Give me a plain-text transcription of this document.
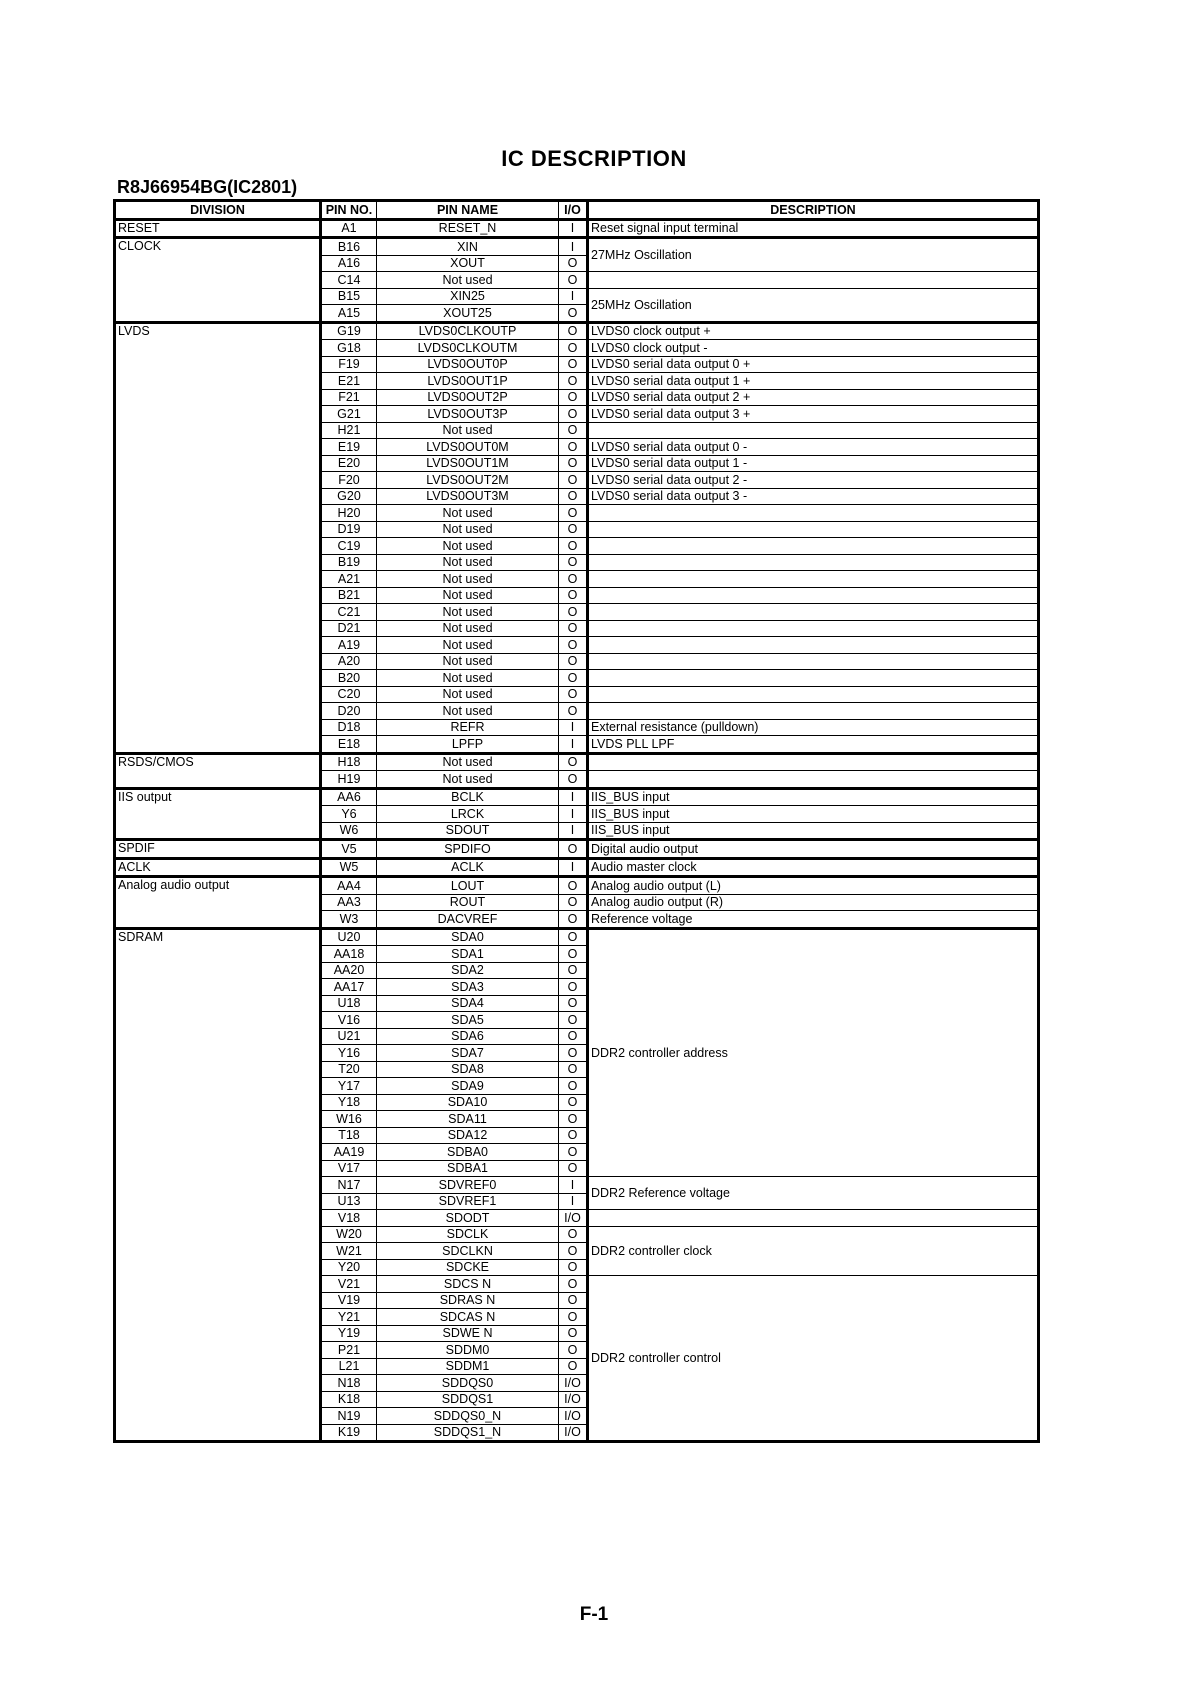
IC DESCRIPTION
R8J66954BG(IC2801)
DIVISION	PIN NO.	PIN NAME	I/O	DESCRIPTION
RESET	A1	RESET_N	I	Reset signal input terminal
CLOCK	B16	XIN	I	27MHz Oscillation
	A16	XOUT	O	
	C14	Not used	O	
	B15	XIN25	I	25MHz Oscillation
	A15	XOUT25	O	
LVDS	G19	LVDS0CLKOUTP	O	LVDS0 clock output +
	G18	LVDS0CLKOUTM	O	LVDS0 clock output -
	F19	LVDS0OUT0P	O	LVDS0 serial data output 0 +
	E21	LVDS0OUT1P	O	LVDS0 serial data output 1 +
	F21	LVDS0OUT2P	O	LVDS0 serial data output 2 +
	G21	LVDS0OUT3P	O	LVDS0 serial data output 3 +
	H21	Not used	O	
	E19	LVDS0OUT0M	O	LVDS0 serial data output 0 -
	E20	LVDS0OUT1M	O	LVDS0 serial data output 1 -
	F20	LVDS0OUT2M	O	LVDS0 serial data output 2 -
	G20	LVDS0OUT3M	O	LVDS0 serial data output 3 -
	H20	Not used	O	
	D19	Not used	O	
	C19	Not used	O	
	B19	Not used	O	
	A21	Not used	O	
	B21	Not used	O	
	C21	Not used	O	
	D21	Not used	O	
	A19	Not used	O	
	A20	Not used	O	
	B20	Not used	O	
	C20	Not used	O	
	D20	Not used	O	
	D18	REFR	I	External resistance (pulldown)
	E18	LPFP	I	LVDS PLL LPF
RSDS/CMOS	H18	Not used	O	
	H19	Not used	O	
IIS output	AA6	BCLK	I	IIS_BUS input
	Y6	LRCK	I	IIS_BUS input
	W6	SDOUT	I	IIS_BUS input
SPDIF	V5	SPDIFO	O	Digital audio output
ACLK	W5	ACLK	I	Audio master clock
Analog audio output	AA4	LOUT	O	Analog audio output (L)
	AA3	ROUT	O	Analog audio output (R)
	W3	DACVREF	O	Reference voltage
SDRAM	U20	SDA0	O	DDR2 controller address
	AA18	SDA1	O	
	AA20	SDA2	O	
	AA17	SDA3	O	
	U18	SDA4	O	
	V16	SDA5	O	
	U21	SDA6	O	
	Y16	SDA7	O	
	T20	SDA8	O	
	Y17	SDA9	O	
	Y18	SDA10	O	
	W16	SDA11	O	
	T18	SDA12	O	
	AA19	SDBA0	O	
	V17	SDBA1	O	
	N17	SDVREF0	I	DDR2 Reference voltage
	U13	SDVREF1	I	
	V18	SDODT	I/O	
	W20	SDCLK	O	DDR2 controller clock
	W21	SDCLKN	O	
	Y20	SDCKE	O	
	V21	SDCS N	O	DDR2 controller control
	V19	SDRAS N	O	
	Y21	SDCAS N	O	
	Y19	SDWE N	O	
	P21	SDDM0	O	
	L21	SDDM1	O	
	N18	SDDQS0	I/O	
	K18	SDDQS1	I/O	
	N19	SDDQS0_N	I/O	
	K19	SDDQS1_N	I/O	
F-1
